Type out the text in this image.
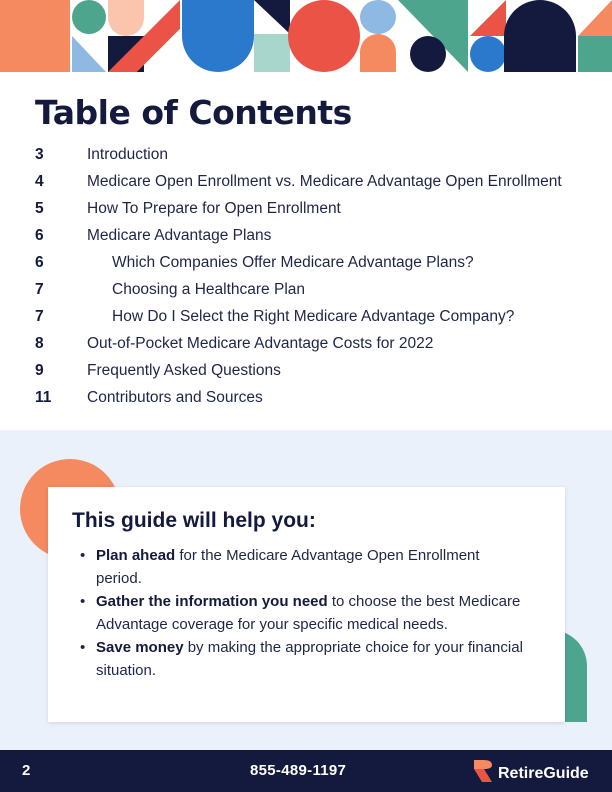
Table of Contents
3	Introduction
4	Medicare Open Enrollment vs. Medicare Advantage Open Enrollment
5	How To Prepare for Open Enrollment
6	Medicare Advantage Plans
6	Which Companies Offer Medicare Advantage Plans?
7	Choosing a Healthcare Plan
7	How Do I Select the Right Medicare Advantage Company?
8	Out-of-Pocket Medicare Advantage Costs for 2022
9	Frequently Asked Questions
11	Contributors and Sources
This guide will help you:
• Plan ahead for the Medicare Advantage Open Enrollment period.
• Gather the information you need to choose the best Medicare Advantage coverage for your specific medical needs.
• Save money by making the appropriate choice for your financial situation.
2	855-489-1197	RetireGuide
